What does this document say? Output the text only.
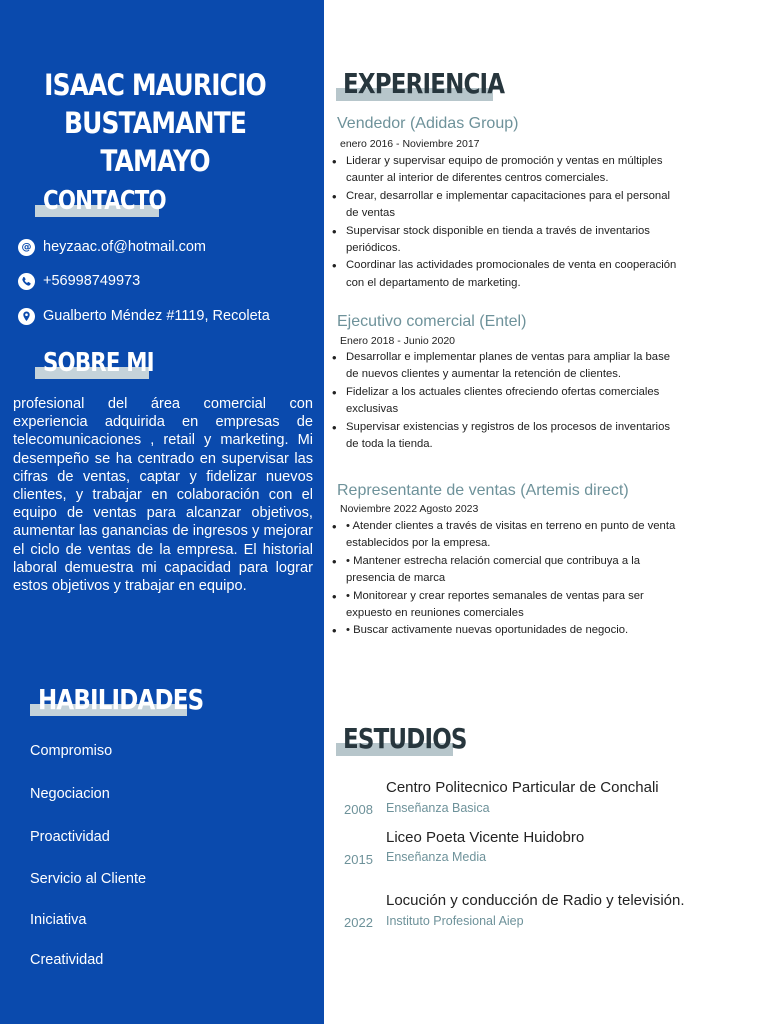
ISAAC MAURICIO
BUSTAMANTE TAMAYO
CONTACTO
@ heyzaac.of@hotmail.com
+56998749973
Gualberto Méndez #1119, Recoleta
SOBRE MI
profesional del área comercial con experiencia adquirida en empresas de telecomunicaciones , retail y marketing. Mi desempeño se ha centrado en supervisar las cifras de ventas, captar y fidelizar nuevos clientes, y trabajar en colaboración con el equipo de ventas para alcanzar objetivos, aumentar las ganancias de ingresos y mejorar el ciclo de ventas de la empresa. El historial laboral demuestra mi capacidad para lograr estos objetivos y trabajar en equipo.
HABILIDADES
Compromiso
Negociacion
Proactividad
Servicio al Cliente
Iniciativa
Creatividad
EXPERIENCIA
Vendedor (Adidas Group)
enero 2016 - Noviembre 2017
• Liderar y supervisar equipo de promoción y ventas en múltiples caunter al interior de diferentes centros comerciales.
• Crear, desarrollar e implementar capacitaciones para el personal de ventas
• Supervisar stock disponible en tienda a través de inventarios periódicos.
• Coordinar las actividades promocionales de venta en cooperación con el departamento de marketing.
Ejecutivo comercial (Entel)
Enero 2018 - Junio 2020
• Desarrollar e implementar planes de ventas para ampliar la base de nuevos clientes y aumentar la retención de clientes.
• Fidelizar a los actuales clientes ofreciendo ofertas comerciales exclusivas
• Supervisar existencias y registros de los procesos de inventarios de toda la tienda.
Representante de ventas (Artemis direct)
Noviembre 2022 Agosto 2023
• • Atender clientes a través de visitas en terreno en punto de venta establecidos por la empresa.
• • Mantener estrecha relación comercial que contribuya a la presencia de marca
• • Monitorear y crear reportes semanales de ventas para ser expuesto en reuniones comerciales
• • Buscar activamente nuevas oportunidades de negocio.
ESTUDIOS
Centro Politecnico Particular de Conchali
Enseñanza Basica
2008
Liceo Poeta Vicente Huidobro
Enseñanza Media
2015
Locución y conducción de Radio y televisión.
Instituto Profesional Aiep
2022
